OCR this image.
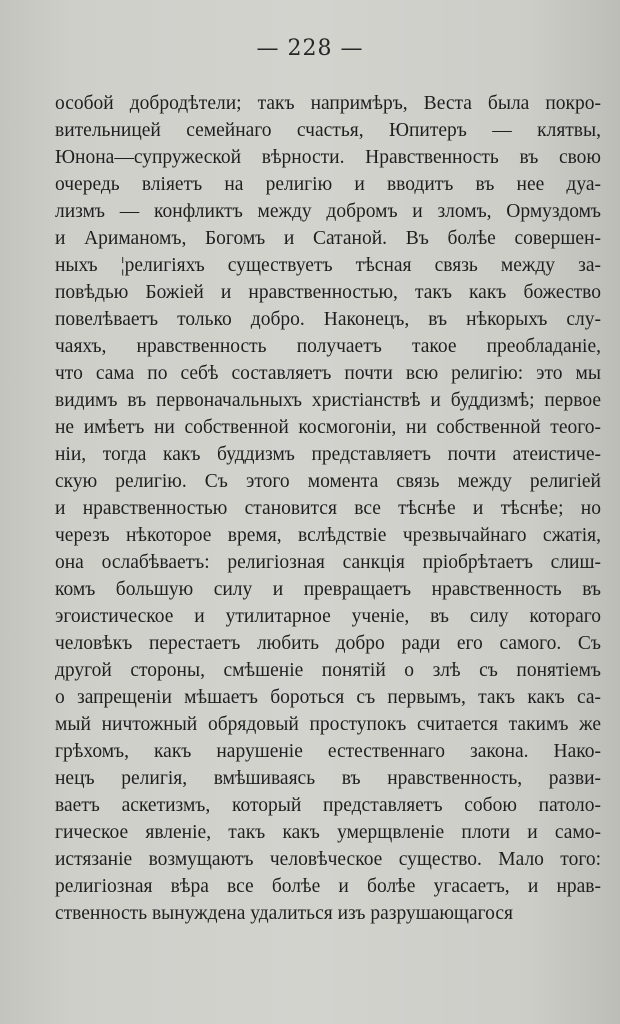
— 228 —
особой добродѣтели; такъ напримѣръ, Веста была покро-
вительницей семейнаго счастья, Юпитеръ — клятвы,
Юнона—супружеской вѣрности. Нравственность въ свою
очередь вліяетъ на религію и вводитъ въ нее дуа-
лизмъ — конфликтъ между добромъ и зломъ, Ормуздомъ
и Ариманомъ, Богомъ и Сатаной. Въ болѣе совершен-
ныхъ ¦религіяхъ существуетъ тѣсная связь между за-
повѣдью Божіей и нравственностью, такъ какъ божество
повелѣваетъ только добро. Наконецъ, въ нѣкорыхъ слу-
чаяхъ, нравственность получаетъ такое преобладаніе,
что сама по себѣ составляетъ почти всю религію: это мы
видимъ въ первоначальныхъ христіанствѣ и буддизмѣ; первое
не имѣетъ ни собственной космогоніи, ни собственной теого-
ніи, тогда какъ буддизмъ представляетъ почти атеистиче-
скую религію. Съ этого момента связь между религіей
и нравственностью становится все тѣснѣе и тѣснѣе; но
черезъ нѣкоторое время, вслѣдствіе чрезвычайнаго сжатія,
она ослабѣваетъ: религіозная санкція пріобрѣтаетъ слиш-
комъ большую силу и превращаетъ нравственность въ
эгоистическое и утилитарное ученіе, въ силу котораго
человѣкъ перестаетъ любить добро ради его самого. Съ
другой стороны, смѣшеніе понятій о злѣ съ понятіемъ
о запрещеніи мѣшаетъ бороться съ первымъ, такъ какъ са-
мый ничтожный обрядовый проступокъ считается такимъ же
грѣхомъ, какъ нарушеніе естественнаго закона. Нако-
нецъ религія, вмѣшиваясь въ нравственность, разви-
ваетъ аскетизмъ, который представляетъ собою патоло-
гическое явленіе, такъ какъ умерщвленіе плоти и само-
истязаніе возмущаютъ человѣческое существо. Мало того:
религіозная вѣра все болѣе и болѣе угасаетъ, и нрав-
ственность вынуждена удалиться изъ разрушающагося
